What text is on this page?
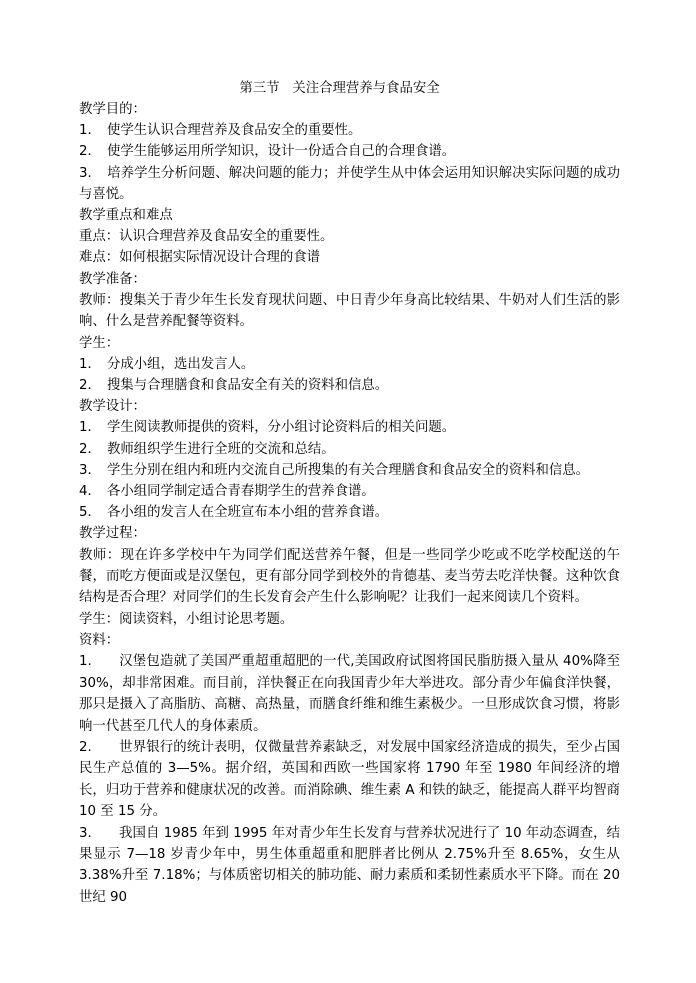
第三节   关注合理营养与食品安全
教学目的：
1． 使学生认识合理营养及食品安全的重要性。
2． 使学生能够运用所学知识，设计一份适合自己的合理食谱。
3． 培养学生分析问题、解决问题的能力；并使学生从中体会运用知识解决实际问题的成功与喜悦。
教学重点和难点
重点：认识合理营养及食品安全的重要性。
难点：如何根据实际情况设计合理的食谱
教学准备：
教师：搜集关于青少年生长发育现状问题、中日青少年身高比较结果、牛奶对人们生活的影响、什么是营养配餐等资料。
学生：
1． 分成小组，选出发言人。
2． 搜集与合理膳食和食品安全有关的资料和信息。
教学设计：
1． 学生阅读教师提供的资料，分小组讨论资料后的相关问题。
2． 教师组织学生进行全班的交流和总结。
3． 学生分别在组内和班内交流自己所搜集的有关合理膳食和食品安全的资料和信息。
4． 各小组同学制定适合青春期学生的营养食谱。
5． 各小组的发言人在全班宣布本小组的营养食谱。
教学过程：
教师：现在许多学校中午为同学们配送营养午餐，但是一些同学少吃或不吃学校配送的午餐，而吃方便面或是汉堡包，更有部分同学到校外的肯德基、麦当劳去吃洋快餐。这种饮食结构是否合理？对同学们的生长发育会产生什么影响呢？让我们一起来阅读几个资料。
学生：阅读资料，小组讨论思考题。
资料：
1. 汉堡包造就了美国严重超重超肥的一代,美国政府试图将国民脂肪摄入量从 40%降至 30%，却非常困难。而目前，洋快餐正在向我国青少年大举进攻。部分青少年偏食洋快餐，那只是摄入了高脂肪、高糖、高热量，而膳食纤维和维生素极少。一旦形成饮食习惯，将影响一代甚至几代人的身体素质。
2. 世界银行的统计表明，仅微量营养素缺乏，对发展中国家经济造成的损失，至少占国民生产总值的 3—5%。据介绍，英国和西欧一些国家将 1790 年至 1980 年间经济的增长，归功于营养和健康状况的改善。而消除碘、维生素 A 和铁的缺乏，能提高人群平均智商 10 至 15 分。
3. 我国自 1985 年到 1995 年对青少年生长发育与营养状况进行了 10 年动态调查，结果显示 7—18 岁青少年中，男生体重超重和肥胖者比例从 2.75%升至 8.65%，女生从 3.38%升至 7.18%；与体质密切相关的肺功能、耐力素质和柔韧性素质水平下降。而在 20 世纪 90
